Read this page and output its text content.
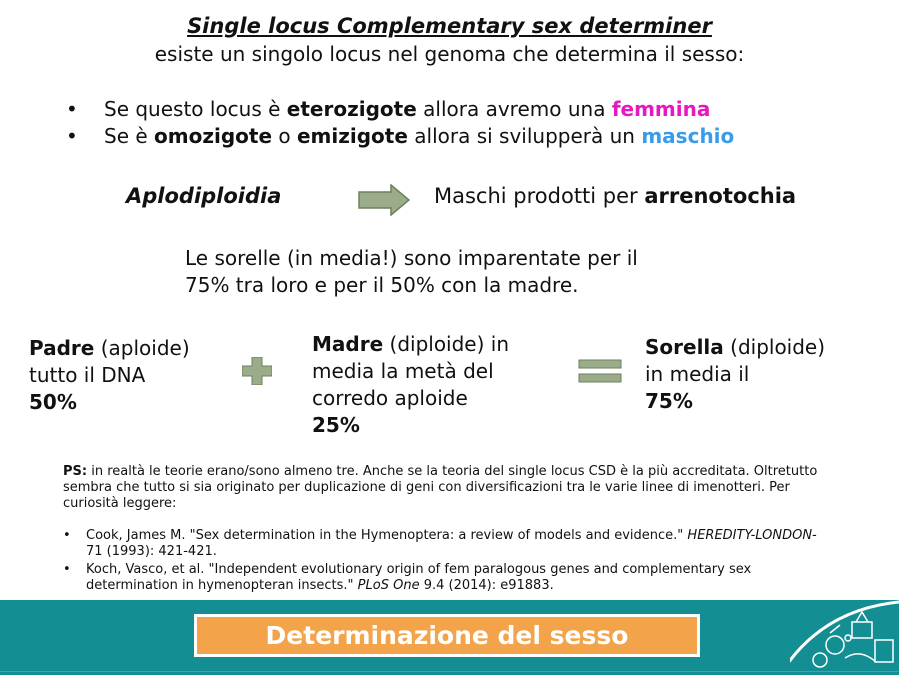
Single locus Complementary sex determiner
esiste un singolo locus nel genoma che determina il sesso:
• Se questo locus è eterozigote allora avremo una femmina
• Se è omozigote o emizigote allora si svilupperà un maschio
Aplodiploidia	Maschi prodotti per arrenotochia
Le sorelle (in media!) sono imparentate per il
75% tra loro e per il 50% con la madre.
Padre (aploide)
tutto il DNA
50%
Madre (diploide) in
media la metà del
corredo aploide
25%
Sorella (diploide)
in media il
75%
PS: in realtà le teorie erano/sono almeno tre. Anche se la teoria del single locus CSD è la più accreditata. Oltretutto sembra che tutto si sia originato per duplicazione di geni con diversificazioni tra le varie linee di imenotteri. Per curiosità leggere:
• Cook, James M. "Sex determination in the Hymenoptera: a review of models and evidence." HEREDITY-LONDON- 71 (1993): 421-421.
• Koch, Vasco, et al. "Independent evolutionary origin of fem paralogous genes and complementary sex determination in hymenopteran insects." PLoS One 9.4 (2014): e91883.
Determinazione del sesso
